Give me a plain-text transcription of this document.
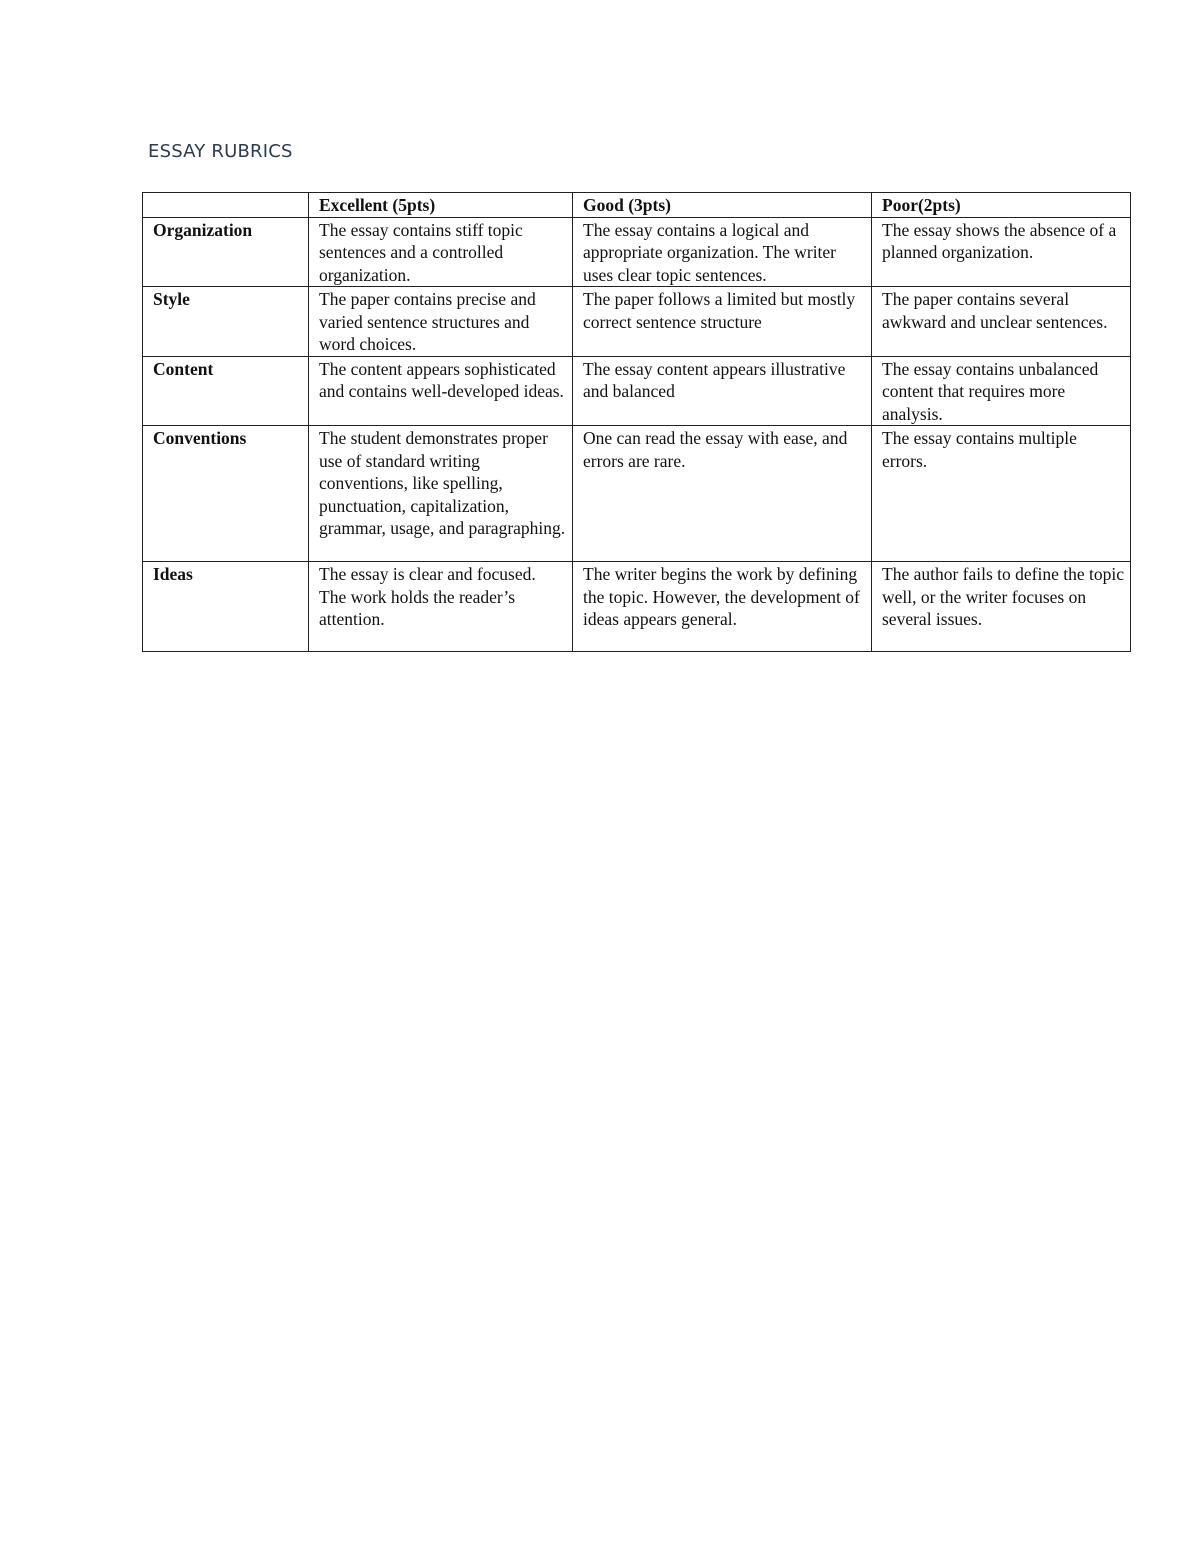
ESSAY RUBRICS
	Excellent (5pts)	Good (3pts)	Poor(2pts)
Organization	The essay contains stiff topic sentences and a controlled organization.	The essay contains a logical and appropriate organization. The writer uses clear topic sentences.	The essay shows the absence of a planned organization.
Style	The paper contains precise and varied sentence structures and word choices.	The paper follows a limited but mostly correct sentence structure	The paper contains several awkward and unclear sentences.
Content	The content appears sophisticated and contains well-developed ideas.	The essay content appears illustrative and balanced	The essay contains unbalanced content that requires more analysis.
Conventions	The student demonstrates proper use of standard writing conventions, like spelling, punctuation, capitalization, grammar, usage, and paragraphing.	One can read the essay with ease, and errors are rare.	The essay contains multiple errors.
Ideas	The essay is clear and focused. The work holds the reader’s attention.	The writer begins the work by defining the topic. However, the development of ideas appears general.	The author fails to define the topic well, or the writer focuses on several issues.
